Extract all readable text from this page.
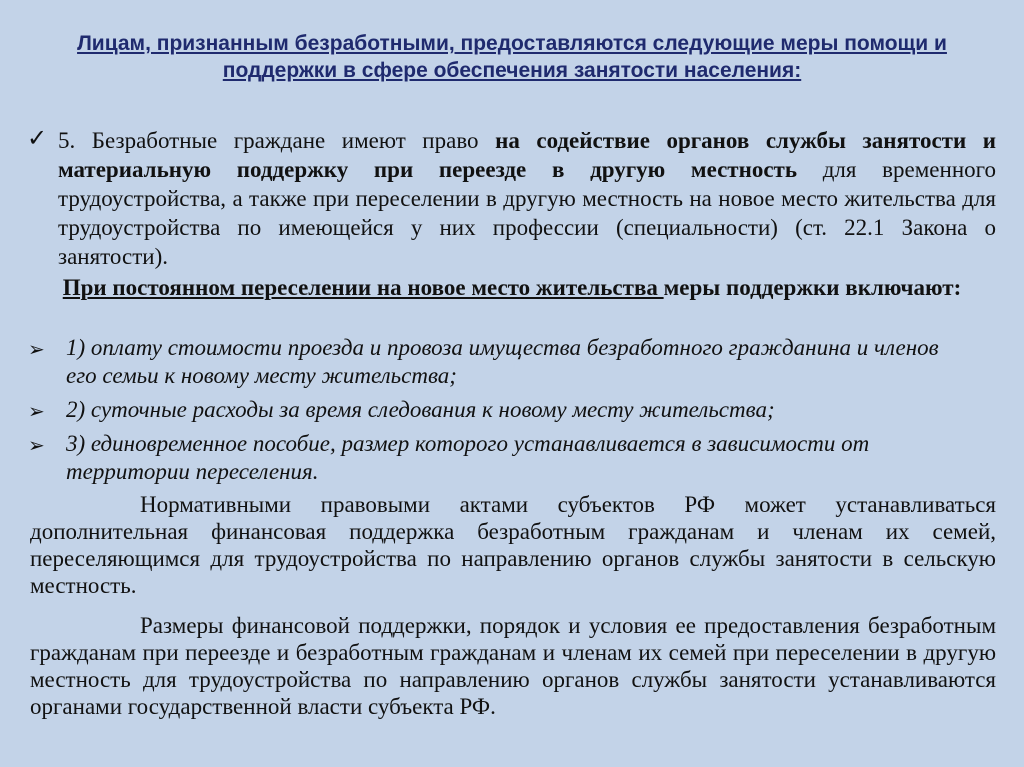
Лицам, признанным безработными, предоставляются следующие меры помощи и поддержки в сфере обеспечения занятости населения:
✓ 5. Безработные граждане имеют право на содействие органов службы занятости и материальную поддержку при переезде в другую местность для временного трудоустройства, а также при переселении в другую местность на новое место жительства для трудоустройства по имеющейся у них профессии (специальности) (ст. 22.1 Закона о занятости).

При постоянном переселении на новое место жительства меры поддержки включают:

➢ 1) оплату стоимости проезда и провоза имущества безработного гражданина и членов его семьи к новому месту жительства;
➢ 2) суточные расходы за время следования к новому месту жительства;
➢ 3) единовременное пособие, размер которого устанавливается в зависимости от территории переселения.

Нормативными правовыми актами субъектов РФ может устанавливаться дополнительная финансовая поддержка безработным гражданам и членам их семей, переселяющимся для трудоустройства по направлению органов службы занятости в сельскую местность.

Размеры финансовой поддержки, порядок и условия ее предоставления безработным гражданам при переезде и безработным гражданам и членам их семей при переселении в другую местность для трудоустройства по направлению органов службы занятости устанавливаются органами государственной власти субъекта РФ.
